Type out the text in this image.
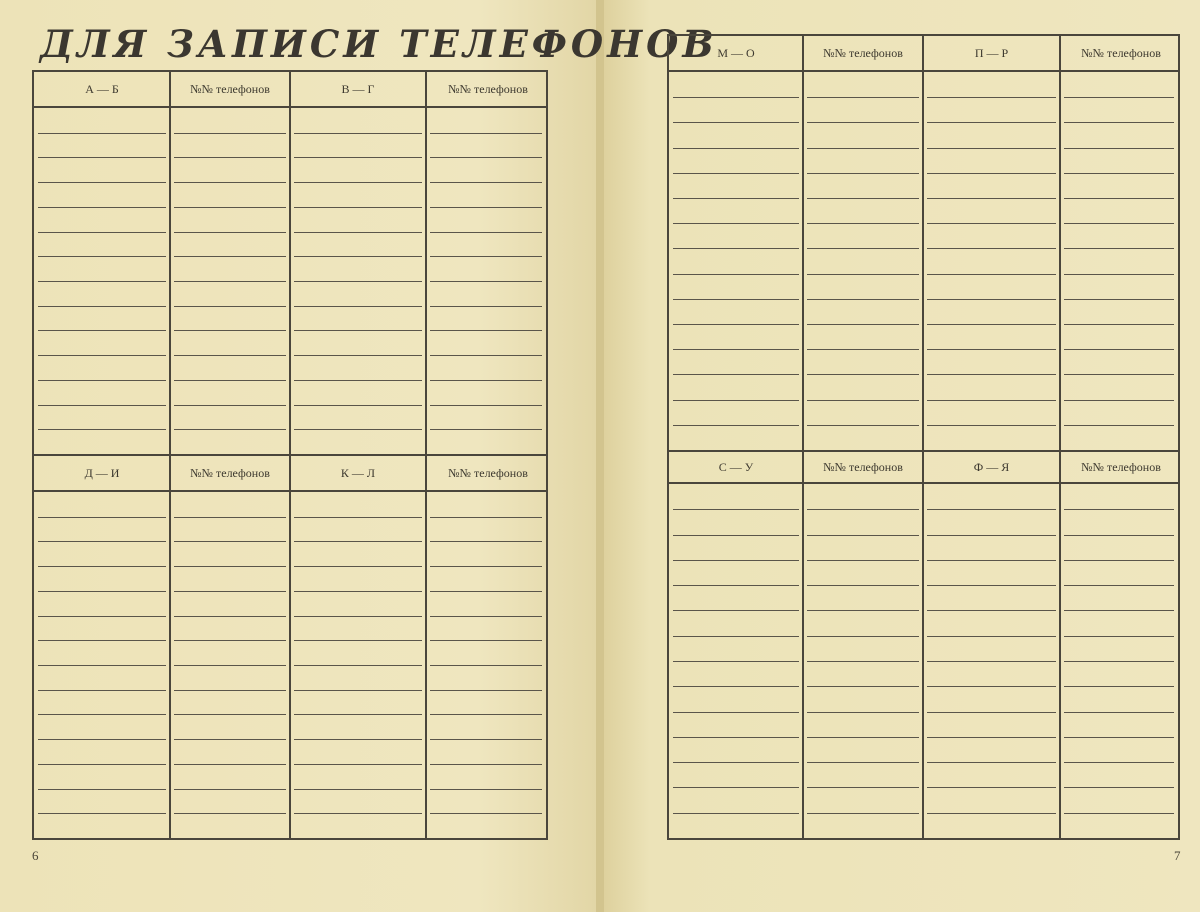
ДЛЯ ЗАПИСИ ТЕЛЕФОНОВ
А — Б	№№ телефонов	В — Г	№№ телефонов
Д — И	№№ телефонов	К — Л	№№ телефонов
М — О	№№ телефонов	П — Р	№№ телефонов
С — У	№№ телефонов	Ф — Я	№№ телефонов
6	7
